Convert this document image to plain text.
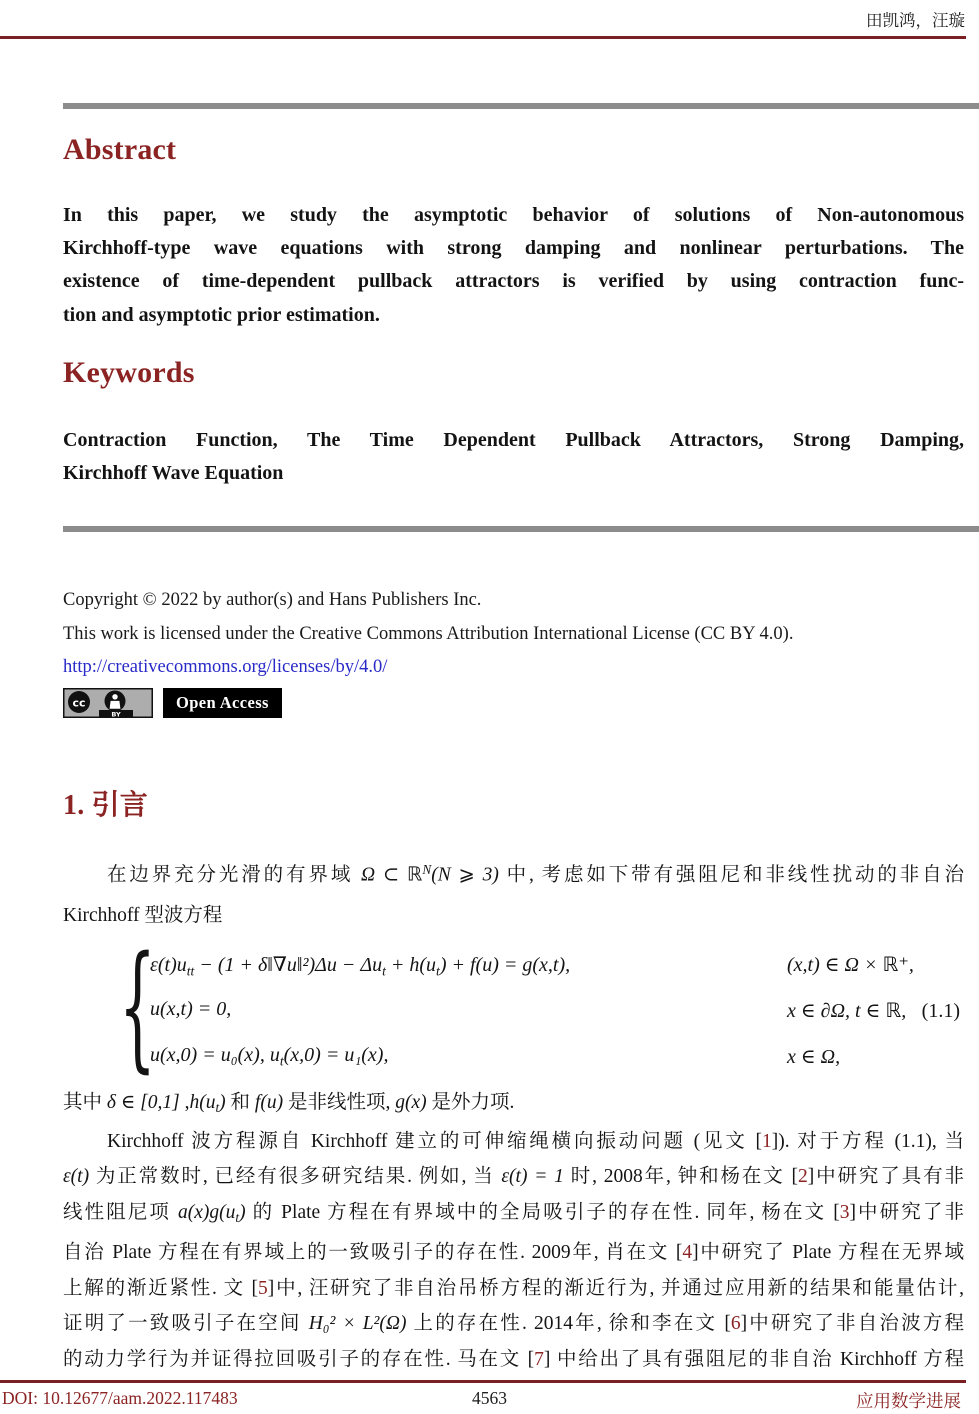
田凯鸿，汪璇
Abstract
In this paper, we study the asymptotic behavior of solutions of Non-autonomous
Kirchhoff-type wave equations with strong damping and nonlinear perturbations. The
existence of time-dependent pullback attractors is verified by using contraction func-
tion and asymptotic prior estimation.
Keywords
Contraction Function, The Time Dependent Pullback Attractors, Strong Damping,
Kirchhoff Wave Equation
Copyright © 2022 by author(s) and Hans Publishers Inc.
This work is licensed under the Creative Commons Attribution International License (CC BY 4.0).
http://creativecommons.org/licenses/by/4.0/
cc
BY
Open Access
1. 引言
在边界充分光滑的有界域 Ω ⊂ ℝ$^N$(N ⩾ 3) 中, 考虑如下带有强阻尼和非线性扰动的非自治
Kirchhoff 型波方程
{
$\varepsilon(t)u_{tt} - (1$ + δ‖∇u‖²)Δu − $\Delta u_t + h(u_t) + f(u) = g(x,t)$,	(x,t) ∈ Ω × ℝ⁺,
u(x,t) = 0,	x ∈ ∂Ω, t ∈ ℝ,
u(x,0) = u₀(x), $u_t(x,0) = u_1(x)$,	x ∈ Ω,
(1.1)
其中 δ ∈ [0,1] $,h(u_t)$ 和 f(u) 是非线性项, g(x) 是外力项.
Kirchhoff 波方程源自 Kirchhoff 建立的可伸缩绳横向振动问题 (见文 [1]). 对于方程 (1.1), 当
ε(t) 为正常数时, 已经有很多研究结果. 例如, 当 ε(t) = 1 时, 2008年, 钟和杨在文 [2]中研究了具有非
线性阻尼项 $a(x)g(u_t)$ 的 Plate 方程在有界域中的全局吸引子的存在性. 同年, 杨在文 [3]中研究了非
自治 Plate 方程在有界域上的一致吸引子的存在性. 2009年, 肖在文 [4]中研究了 Plate 方程在无界域
上解的渐近紧性. 文 [5]中, 汪研究了非自治吊桥方程的渐近行为, 并通过应用新的结果和能量估计,
证明了一致吸引子在空间 H₀² × L²(Ω) 上的存在性. 2014年, 徐和李在文 [6]中研究了非自治波方程
的动力学行为并证得拉回吸引子的存在性. 马在文 [7] 中给出了具有强阻尼的非自治 Kirchhoff 方程
DOI: 10.12677/aam.2022.117483	4563	应用数学进展
